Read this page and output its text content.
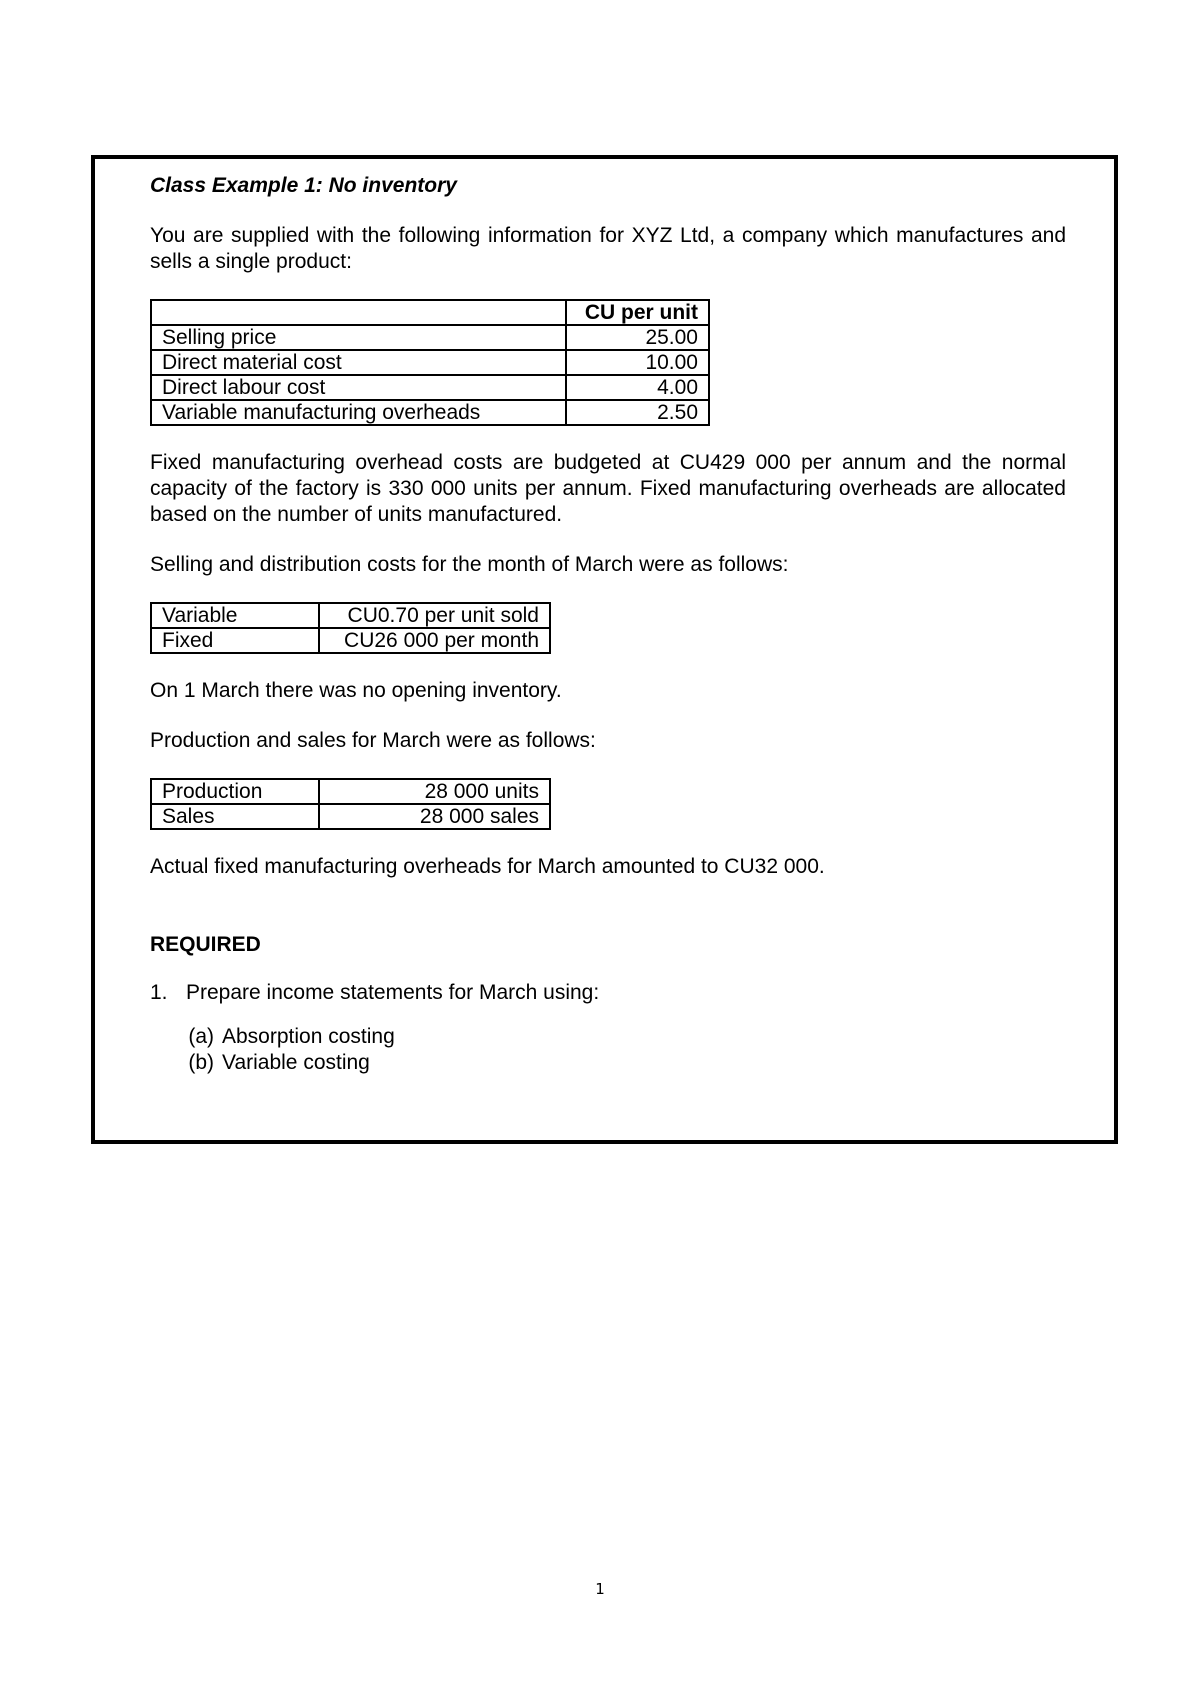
Class Example 1: No inventory

You are supplied with the following information for XYZ Ltd, a company which manufactures and sells a single product:

	CU per unit
Selling price	25.00
Direct material cost	10.00
Direct labour cost	4.00
Variable manufacturing overheads	2.50

Fixed manufacturing overhead costs are budgeted at CU429 000 per annum and the normal capacity of the factory is 330 000 units per annum. Fixed manufacturing overheads are allocated based on the number of units manufactured.

Selling and distribution costs for the month of March were as follows:

Variable	CU0.70 per unit sold
Fixed	CU26 000 per month

On 1 March there was no opening inventory.

Production and sales for March were as follows:

Production	28 000 units
Sales	28 000 sales

Actual fixed manufacturing overheads for March amounted to CU32 000.

REQUIRED

1. Prepare income statements for March using:
(a) Absorption costing
(b) Variable costing
1
